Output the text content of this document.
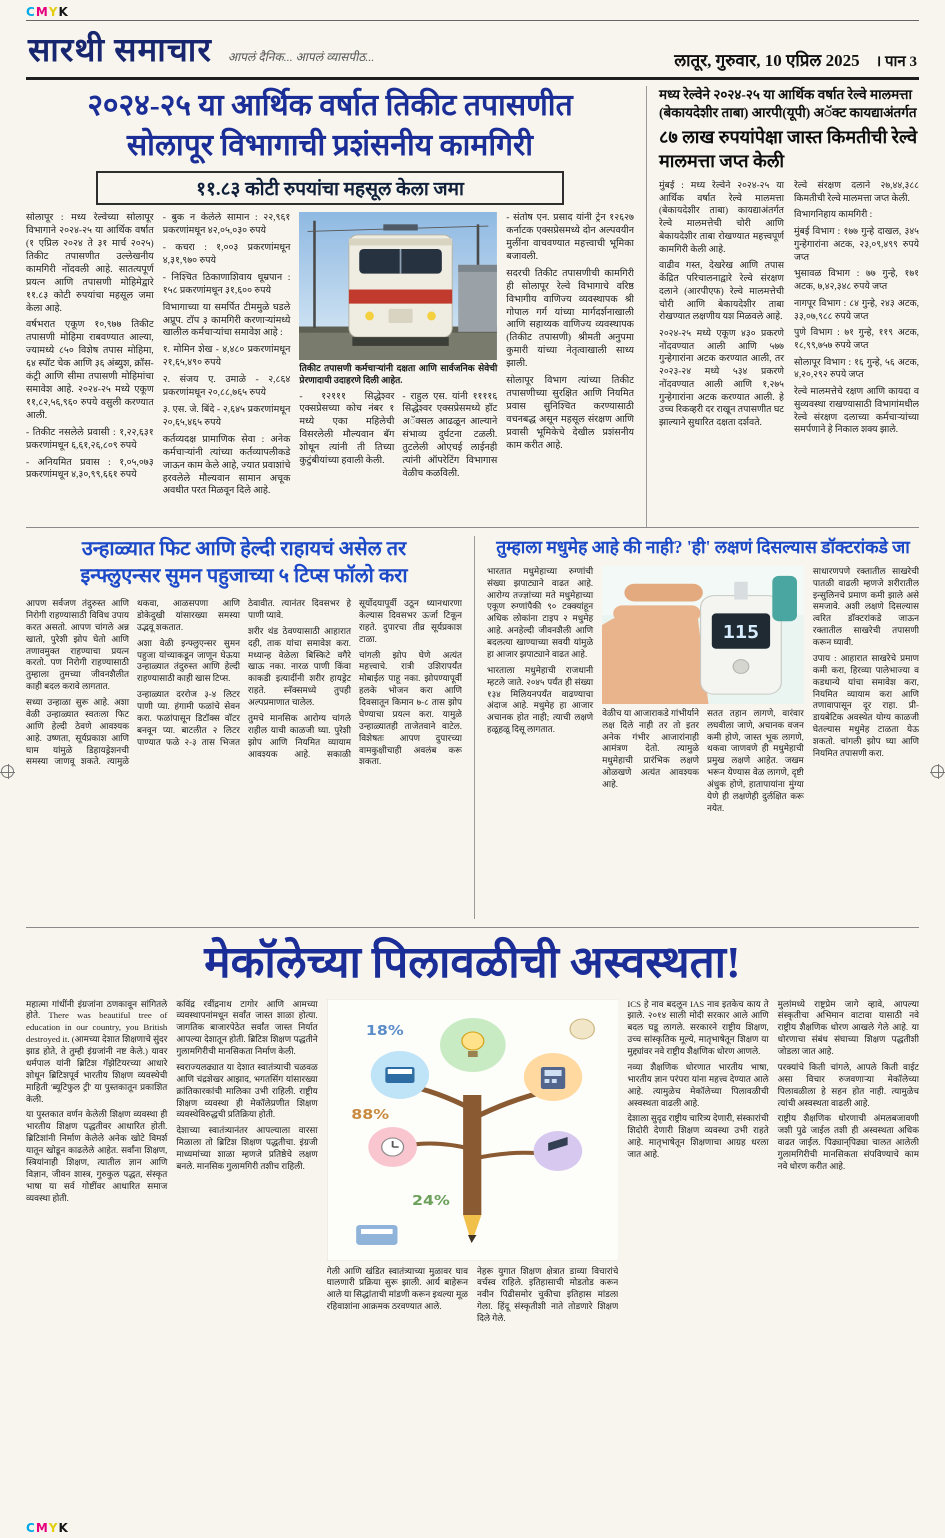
C M Y K
सारथी समाचार आपलं दैनिक... आपलं व्यासपीठ...	लातूर, गुरुवार, 10 एप्रिल 2025 । पान 3
२०२४-२५ या आर्थिक वर्षात तिकीट तपासणीत
सोलापूर विभागाची प्रशंसनीय कामगिरी
११.८३ कोटी रुपयांचा महसूल केला जमा

सोलापूर : मध्य रेल्वेच्या सोलापूर विभागाने २०२४-२५ या आर्थिक वर्षात (१ एप्रिल २०२४ ते ३१ मार्च २०२५) तिकीट तपासणीत उल्लेखनीय कामगिरी नोंदवली आहे. सातत्यपूर्ण प्रयत्न आणि तपासणी मोहिमेद्वारे ११.८३ कोटी रुपयांचा महसूल जमा केला आहे.

वर्षभरात एकूण १०,९७७ तिकीट तपासणी मोहिमा राबवण्यात आल्या, ज्यामध्ये ८५० विशेष तपास मोहिमा, ६४ स्पॉट चेक आणि ३६ अंब्युश, क्रॉस-कंट्री आणि सीमा तपासणी मोहिमांचा समावेश आहे. २०२४-२५ मध्ये एकूण ११,८२,५६,९६० रुपये वसुली करण्यात आली.

- तिकीट नसलेले प्रवासी : १,२२,६३१ प्रकरणांमधून ६,६१,२६,८०९ रुपये

- अनियमित प्रवास : १,०५,०७३ प्रकरणांमधून ४,३०,९९,६६१ रुपये

- बुक न केलेले सामान : २२,९६१ प्रकरणांमधून ४२,०५,०३० रुपये

- कचरा : १,००३ प्रकरणांमधून ४,३१,९७० रुपये

- निश्चित ठिकाणाशिवाय धूम्रपान : १५८ प्रकरणांमधून ३१,६०० रुपये

विभागाच्या या समर्पित टीममुळे घडले अप्रूप. टॉप ३ कामगिरी करणाऱ्यांमध्ये खालील कर्मचाऱ्यांचा समावेश आहे :

१. मोमिन शेख - ४,४८० प्रकरणांमधून २१,६५,४९० रुपये

२. संजय ए. उमाळे - २,८६४ प्रकरणांमधून २०,८८,७६५ रुपये

३. एस. जे. बिंदे - २,६४५ प्रकरणांमधून २०,६५,४६५ रुपये

कर्तव्यदक्ष प्रामाणिक सेवा : अनेक कर्मचाऱ्यांनी त्यांच्या कर्तव्यापलीकडे जाऊन काम केले आहे, ज्यात प्रवाशांचे हरवलेले मौल्यवान सामान अचूक अवधीत परत मिळवून दिले आहे.

तिकीट तपासणी कर्मचाऱ्यांनी दक्षता आणि सार्वजनिक सेवेची प्रेरणादायी उदाहरणे दिली आहेत.

- १२१११ सिद्धेश्वर एक्सप्रेसच्या कोच नंबर १ मध्ये एका महिलेची विसरलेली मौल्यवान बॅग शोधून त्यांनी ती तिच्या कुटुंबीयांच्या हवाली केली.

- राहुल एस. यांनी ११११६ सिद्धेश्वर एक्सप्रेसमध्ये हॉट अॅक्सल आढळून आल्याने संभाव्य दुर्घटना टळली. तुटलेली ओएचई लाईनही त्यांनी ऑपरेटिंग विभागास वेळीच कळविली.

- संतोष एन. प्रसाद यांनी ट्रेन १२६२७ कर्नाटक एक्सप्रेसमध्ये दोन अल्पवयीन मुलींना वाचवण्यात महत्त्वाची भूमिका बजावली.

सदरची तिकीट तपासणीची कामगिरी ही सोलापूर रेल्वे विभागाचे वरिष्ठ विभागीय वाणिज्य व्यवस्थापक श्री गोपाल गर्ग यांच्या मार्गदर्शनाखाली आणि सहाय्यक वाणिज्य व्यवस्थापक (तिकीट तपासणी) श्रीमती अनुपमा कुमारी यांच्या नेतृत्वाखाली साध्य झाली.

सोलापूर विभाग त्यांच्या तिकीट तपासणीच्या सुरक्षित आणि नियमित प्रवास सुनिश्चित करण्यासाठी वचनबद्ध असून महसूल संरक्षण आणि प्रवासी भूमिकेचे देखील प्रशंसनीय काम करीत आहे.

मध्य रेल्वेने २०२४-२५ या आर्थिक वर्षात रेल्वे मालमत्ता (बेकायदेशीर ताबा) आरपी(यूपी) अॅक्ट कायद्याअंतर्गत
८७ लाख रुपयांपेक्षा जास्त किमतीची रेल्वे मालमत्ता जप्त केली

मुंबई : मध्य रेल्वेने २०२४-२५ या आर्थिक वर्षात रेल्वे मालमत्ता (बेकायदेशीर ताबा) कायद्याअंतर्गत रेल्वे मालमत्तेची चोरी आणि बेकायदेशीर ताबा रोखण्यात महत्त्वपूर्ण कामगिरी केली आहे.

वाढीव गस्त, देखरेख आणि तपास केंद्रित परिचालनाद्वारे रेल्वे संरक्षण दलाने (आरपीएफ) रेल्वे मालमत्तेची चोरी आणि बेकायदेशीर ताबा रोखण्यात लक्षणीय यश मिळवले आहे.

२०२४-२५ मध्ये एकूण ४३० प्रकरणे नोंदवण्यात आली आणि ५७७ गुन्हेगारांना अटक करण्यात आली, तर २०२३-२४ मध्ये ५३४ प्रकरणे नोंदवण्यात आली आणि १,२७५ गुन्हेगारांना अटक करण्यात आली. हे उच्च रिकव्हरी दर राखून तपासणीत घट झाल्याने सुधारित दक्षता दर्शवते.

रेल्वे संरक्षण दलाने २७,४४,३८८ किमतीची रेल्वे मालमत्ता जप्त केली.

विभागनिहाय कामगिरी :

मुंबई विभाग : १७७ गुन्हे दाखल, ३४५ गुन्हेगारांना अटक, २३,०९,४९९ रुपये जप्त

भुसावळ विभाग : ७७ गुन्हे, १७१ अटक, ७,४२,३४८ रुपये जप्त

नागपूर विभाग : ८४ गुन्हे, २४३ अटक, ३३,०७,९८८ रुपये जप्त

पुणे विभाग : ७१ गुन्हे, ११९ अटक, १८,९९,७५७ रुपये जप्त

सोलापूर विभाग : १६ गुन्हे, ५६ अटक, ४,२०,२९२ रुपये जप्त

रेल्वे मालमत्तेचे रक्षण आणि कायदा व सुव्यवस्था राखण्यासाठी विभागांमधील रेल्वे संरक्षण दलाच्या कर्मचाऱ्यांच्या समर्पणाने हे निकाल शक्य झाले.

उन्हाळ्यात फिट आणि हेल्दी राहायचं असेल तर
इन्फ्लुएन्सर सुमन पहुजाच्या ५ टिप्स फॉलो करा

आपण सर्वजण तंदुरुस्त आणि निरोगी राहण्यासाठी विविध उपाय करत असतो. आपण चांगले अन्न खातो, पुरेशी झोप घेतो आणि तणावमुक्त राहण्याचा प्रयत्न करतो. पण निरोगी राहण्यासाठी तुम्हाला तुमच्या जीवनशैलीत काही बदल करावे लागतात.

सध्या उन्हाळा सुरू आहे. अशा वेळी उन्हाळ्यात स्वतःला फिट आणि हेल्दी ठेवणे आवश्यक आहे. उष्णता, सूर्यप्रकाश आणि घाम यांमुळे डिहायड्रेशनची समस्या जाणवू शकते. त्यामुळे थकवा, आळसपणा आणि डोकेदुखी यांसारख्या समस्या उद्भवू शकतात.

अशा वेळी इन्फ्लुएन्सर सुमन पहुजा यांच्याकडून जाणून घेऊया उन्हाळ्यात तंदुरुस्त आणि हेल्दी राहण्यासाठी काही खास टिप्स.

उन्हाळ्यात दररोज ३-४ लिटर पाणी प्या. हंगामी फळांचे सेवन करा. फळांपासून डिटॉक्स वॉटर बनवून प्या. बाटलीत २ लिटर पाण्यात फळे २-३ तास भिजत ठेवावीत. त्यानंतर दिवसभर हे पाणी प्यावे.

शरीर थंड ठेवण्यासाठी आहारात दही, ताक यांचा समावेश करा. मध्यान्ह वेळेला बिस्किटे वगैरे खाऊ नका. नारळ पाणी किंवा काकडी इत्यादींनी शरीर हायड्रेट राहते. स्नॅक्समध्ये तुपही अल्पप्रमाणात चालेल.

तुमचे मानसिक आरोग्य चांगले राहील याची काळजी घ्या. पुरेशी झोप आणि नियमित व्यायाम आवश्यक आहे. सकाळी सूर्योदयापूर्वी उठून ध्यानधारणा केल्यास दिवसभर ऊर्जा टिकून राहते. दुपारचा तीव्र सूर्यप्रकाश टाळा.

चांगली झोप घेणे अत्यंत महत्त्वाचे. रात्री उशिरापर्यंत मोबाईल पाहू नका. झोपण्यापूर्वी हलके भोजन करा आणि दिवसातून किमान ७-८ तास झोप घेण्याचा प्रयत्न करा. यामुळे उन्हाळ्यातही ताजेतवाने वाटेल. विशेषतः आपण दुपारच्या वामकुक्षीचाही अवलंब करू शकता.

तुम्हाला मधुमेह आहे की नाही? 'ही' लक्षणं दिसल्यास डॉक्टरांकडे जा

भारतात मधुमेहाच्या रुग्णांची संख्या झपाट्याने वाढत आहे. आरोग्य तज्ज्ञांच्या मते मधुमेहाच्या एकूण रुग्णांपैकी ९० टक्क्यांहून अधिक लोकांना टाइप २ मधुमेह आहे. अनहेल्दी जीवनशैली आणि बदलत्या खाण्याच्या सवयी यांमुळे हा आजार झपाट्याने वाढत आहे.

भारताला मधुमेहाची राजधानी म्हटले जाते. २०४५ पर्यंत ही संख्या १३४ मिलियनपर्यंत वाढण्याचा अंदाज आहे. मधुमेह हा आजार अचानक होत नाही; त्याची लक्षणे हळूहळू दिसू लागतात.

115

वेळीच या आजाराकडे गांभीर्याने लक्ष दिले नाही तर तो इतर अनेक गंभीर आजारांनाही आमंत्रण देतो. त्यामुळे मधुमेहाची प्रारंभिक लक्षणे ओळखणे अत्यंत आवश्यक आहे.

सतत तहान लागणे, वारंवार लघवीला जाणे, अचानक वजन कमी होणे, जास्त भूक लागणे, थकवा जाणवणे ही मधुमेहाची प्रमुख लक्षणे आहेत. जखम भरून येण्यास वेळ लागणे, दृष्टी अंधुक होणे, हातापायांना मुंग्या येणे ही लक्षणेही दुर्लक्षित करू नयेत.

साधारणपणे रक्तातील साखरेची पातळी वाढली म्हणजे शरीरातील इन्सुलिनचे प्रमाण कमी झाले असे समजावे. अशी लक्षणे दिसल्यास त्वरित डॉक्टरांकडे जाऊन रक्तातील साखरेची तपासणी करून घ्यावी.

उपाय : आहारात साखरेचे प्रमाण कमी करा, हिरव्या पालेभाज्या व कडधान्ये यांचा समावेश करा, नियमित व्यायाम करा आणि तणावापासून दूर राहा. प्री-डायबेटिक अवस्थेत योग्य काळजी घेतल्यास मधुमेह टाळता येऊ शकतो. चांगली झोप घ्या आणि नियमित तपासणी करा.

मेकॉलेच्या पिलावळीची अस्वस्थता!

महात्मा गांधींनी इंग्रजांना ठणकावून सांगितले होते. There was beautiful tree of education in our country, you British destroyed it. (आमच्या देशात शिक्षणाचे सुंदर झाड होते, ते तुम्ही इंग्रजांनी नष्ट केले.) यावर धर्मपाल यांनी ब्रिटिश गॅझेटियरच्या आधारे शोधून ब्रिटिशपूर्व भारतीय शिक्षण व्यवस्थेची माहिती 'ब्यूटिफुल ट्री' या पुस्तकातून प्रकाशित केली.

या पुस्तकात वर्णन केलेली शिक्षण व्यवस्था ही भारतीय शिक्षण पद्धतीवर आधारित होती. ब्रिटिशांनी निर्माण केलेले अनेक खोटे विमर्श यातून खोडून काढलेले आहेत. सर्वांना शिक्षण, स्त्रियांनाही शिक्षण, त्यातील ज्ञान आणि विज्ञान, जीवन शास्त्र, गुरुकुल पद्धत, संस्कृत भाषा या सर्व गोष्टींवर आधारित समाज व्यवस्था होती.

कविंद्र रवींद्रनाथ टागोर आणि आमच्या व्यवस्थापनांमधून सर्वांत जास्त शाळा होत्या. जागतिक बाजारपेठेत सर्वांत जास्त निर्यात आपल्या देशातून होती. ब्रिटिश शिक्षण पद्धतीने गुलामगिरीची मानसिकता निर्माण केली.

स्वराज्यलढ्यात या देशात स्वातंत्र्याची चळवळ आणि चंद्रशेखर आझाद, भगतसिंग यांसारख्या क्रांतिकारकांची मालिका उभी राहिली. राष्ट्रीय शिक्षण व्यवस्था ही मेकॉलेप्रणीत शिक्षण व्यवस्थेविरुद्धची प्रतिक्रिया होती.

देशाच्या स्वातंत्र्यानंतर आपल्याला वारसा मिळाला तो ब्रिटिश शिक्षण पद्धतीचा. इंग्रजी माध्यमांच्या शाळा म्हणजे प्रतिष्ठेचे लक्षण बनले. मानसिक गुलामगिरी तशीच राहिली.

18%
88%
24%

गेली आणि खंडित स्वातंत्र्याच्या मुळावर घाव घालणारी प्रक्रिया सुरू झाली. आर्य बाहेरून आले या सिद्धांताची मांडणी करून इथल्या मूळ रहिवाशांना आक्रमक ठरवण्यात आले.

नेहरू युगात शिक्षण क्षेत्रात डाव्या विचारांचे वर्चस्व राहिले. इतिहासाची मोडतोड करून नवीन पिढीसमोर चुकीचा इतिहास मांडला गेला. हिंदू संस्कृतीशी नाते तोडणारे शिक्षण दिले गेले.

ICS हे नाव बदलून IAS नाव इतकेच काय ते झाले. २०१४ साली मोदी सरकार आले आणि बदल घडू लागले. सरकारने राष्ट्रीय शिक्षण, उच्च सांस्कृतिक मूल्ये, मातृभाषेतून शिक्षण या मुद्द्यांवर नवे राष्ट्रीय शैक्षणिक धोरण आणले.

नव्या शैक्षणिक धोरणात भारतीय भाषा, भारतीय ज्ञान परंपरा यांना महत्त्व देण्यात आले आहे. त्यामुळेच मेकॉलेच्या पिलावळीची अस्वस्थता वाढली आहे.

देशाला सुदृढ राष्ट्रीय चारित्र्य देणारी, संस्कारांची शिदोरी देणारी शिक्षण व्यवस्था उभी राहते आहे. मातृभाषेतून शिक्षणाचा आग्रह धरला जात आहे.

मुलांमध्ये राष्ट्रप्रेम जागे व्हावे, आपल्या संस्कृतीचा अभिमान वाटावा यासाठी नवे राष्ट्रीय शैक्षणिक धोरण आखले गेले आहे. या धोरणाचा संबंध संघाच्या शिक्षण पद्धतीशी जोडला जात आहे.

परक्यांचे किती चांगले, आपले किती वाईट असा विचार रुजवणाऱ्या मेकॉलेच्या पिलावळीला हे सहन होत नाही. त्यामुळेच त्यांची अस्वस्थता वाढली आहे.

राष्ट्रीय शैक्षणिक धोरणाची अंमलबजावणी जशी पुढे जाईल तशी ही अस्वस्थता अधिक वाढत जाईल. पिढ्यान्‌पिढ्या चालत आलेली गुलामगिरीची मानसिकता संपविण्याचे काम नवे धोरण करीत आहे.

C M Y K
